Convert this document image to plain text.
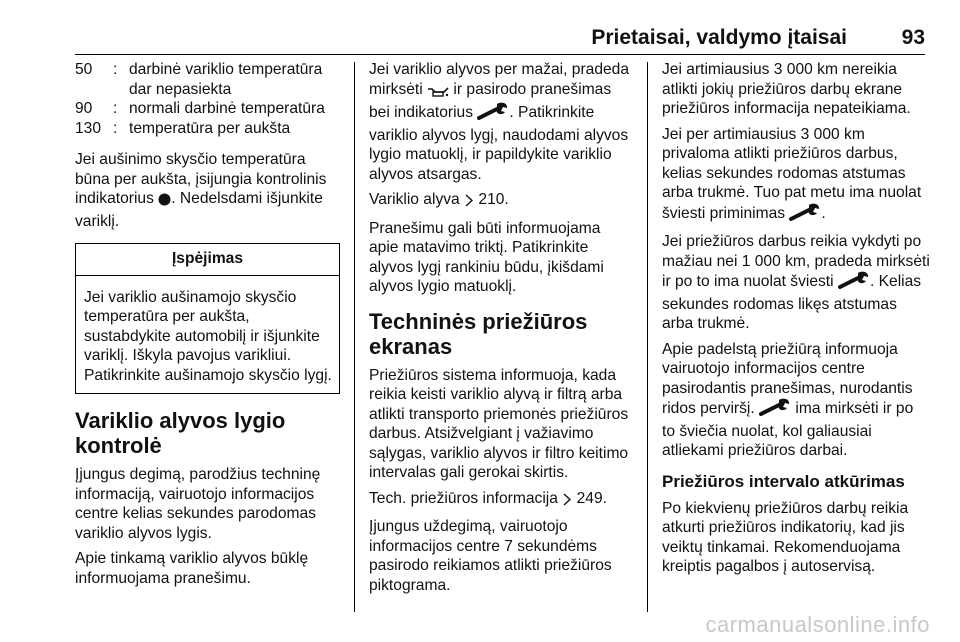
Prietaisai, valdymo įtaisai	93
50	:	darbinė variklio temperatūra dar nepasiekta
90	:	normali darbinė temperatūra
130	:	temperatūra per aukšta

Jei aušinimo skysčio temperatūra būna per aukšta, įsijungia kontrolinis indikatorius . Nedelsdami išjunkite variklį.

Įspėjimas
Jei variklio aušinamojo skysčio temperatūra per aukšta, sustabdykite automobilį ir išjunkite variklį. Iškyla pavojus varikliui. Patikrinkite aušinamojo skysčio lygį.
Variklio alyvos lygio kontrolė

Įjungus degimą, parodžius techninę informaciją, vairuotojo informacijos centre kelias sekundes parodomas variklio alyvos lygis.

Apie tinkamą variklio alyvos būklę informuojama pranešimu.

Jei variklio alyvos per mažai, pradeda mirksėti ir pasirodo pranešimas bei indikatorius . Patikrinkite variklio alyvos lygį, naudodami alyvos lygio matuoklį, ir papildykite variklio alyvos atsargas.

Variklio alyva 210.

Pranešimu gali būti informuojama apie matavimo triktį. Patikrinkite alyvos lygį rankiniu būdu, įkišdami alyvos lygio matuoklį.

Techninės priežiūros ekranas

Priežiūros sistema informuoja, kada reikia keisti variklio alyvą ir filtrą arba atlikti transporto priemonės priežiūros darbus. Atsižvelgiant į važiavimo sąlygas, variklio alyvos ir filtro keitimo intervalas gali gerokai skirtis.

Tech. priežiūros informacija 249.

Įjungus uždegimą, vairuotojo informacijos centre 7 sekundėms pasirodo reikiamos atlikti priežiūros piktograma.

Jei artimiausius 3 000 km nereikia atlikti jokių priežiūros darbų ekrane priežiūros informacija nepateikiama.

Jei per artimiausius 3 000 km privaloma atlikti priežiūros darbus, kelias sekundes rodomas atstumas arba trukmė. Tuo pat metu ima nuolat šviesti priminimas .

Jei priežiūros darbus reikia vykdyti po mažiau nei 1 000 km, pradeda mirksėti ir po to ima nuolat šviesti . Kelias sekundes rodomas likęs atstumas arba trukmė.

Apie padelstą priežiūrą informuoja vairuotojo informacijos centre pasirodantis pranešimas, nurodantis ridos perviršį.	ima mirksėti ir po to šviečia nuolat, kol galiausiai atliekami priežiūros darbai.

Priežiūros intervalo atkūrimas

Po kiekvienų priežiūros darbų reikia atkurti priežiūros indikatorių, kad jis veiktų tinkamai. Rekomenduojama kreiptis pagalbos į autoservisą.

carmanualsonline.info
